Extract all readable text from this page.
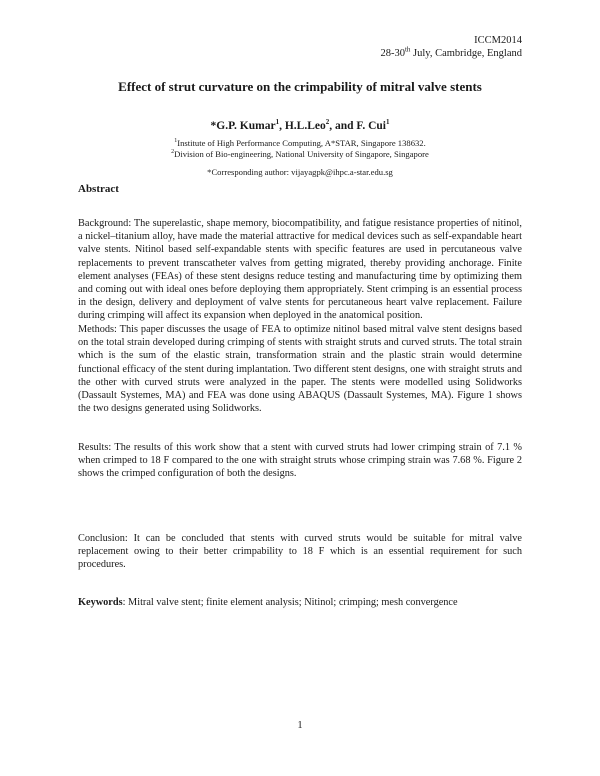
ICCM2014
28-30th July, Cambridge, England
Effect of strut curvature on the crimpability of mitral valve stents
*G.P. Kumar$^1$, H.L.Leo$^2$, and F. Cui$^1$
$^1$Institute of High Performance Computing, A*STAR, Singapore 138632.
$^2$Division of Bio-engineering, National University of Singapore, Singapore
*Corresponding author: vijayagpk@ihpc.a-star.edu.sg
Abstract
Background: The superelastic, shape memory, biocompatibility, and fatigue resistance properties of nitinol, a nickel–titanium alloy, have made the material attractive for medical devices such as self-expandable heart valve stents. Nitinol based self-expandable stents with specific features are used in percutaneous valve replacements to prevent transcatheter valves from getting migrated, thereby providing anchorage. Finite element analyses (FEAs) of these stent designs reduce testing and manufacturing time by optimizing them and coming out with ideal ones before deploying them appropriately. Stent crimping is an essential process in the design, delivery and deployment of valve stents for percutaneous heart valve replacement. Failure during crimping will affect its expansion when deployed in the anatomical position.
Methods: This paper discusses the usage of FEA to optimize nitinol based mitral valve stent designs based on the total strain developed during crimping of stents with straight struts and curved struts. The total strain which is the sum of the elastic strain, transformation strain and the plastic strain would determine functional efficacy of the stent during implantation. Two different stent designs, one with straight struts and the other with curved struts were analyzed in the paper. The stents were modelled using Solidworks (Dassault Systemes, MA) and FEA was done using ABAQUS (Dassault Systemes, MA). Figure 1 shows the two designs generated using Solidworks.
Results: The results of this work show that a stent with curved struts had lower crimping strain of 7.1 % when crimped to 18 F compared to the one with straight struts whose crimping strain was 7.68 %. Figure 2 shows the crimped configuration of both the designs.
Conclusion: It can be concluded that stents with curved struts would be suitable for mitral valve replacement owing to their better crimpability to 18 F which is an essential requirement for such procedures.
Keywords: Mitral valve stent; finite element analysis; Nitinol; crimping; mesh convergence
1
